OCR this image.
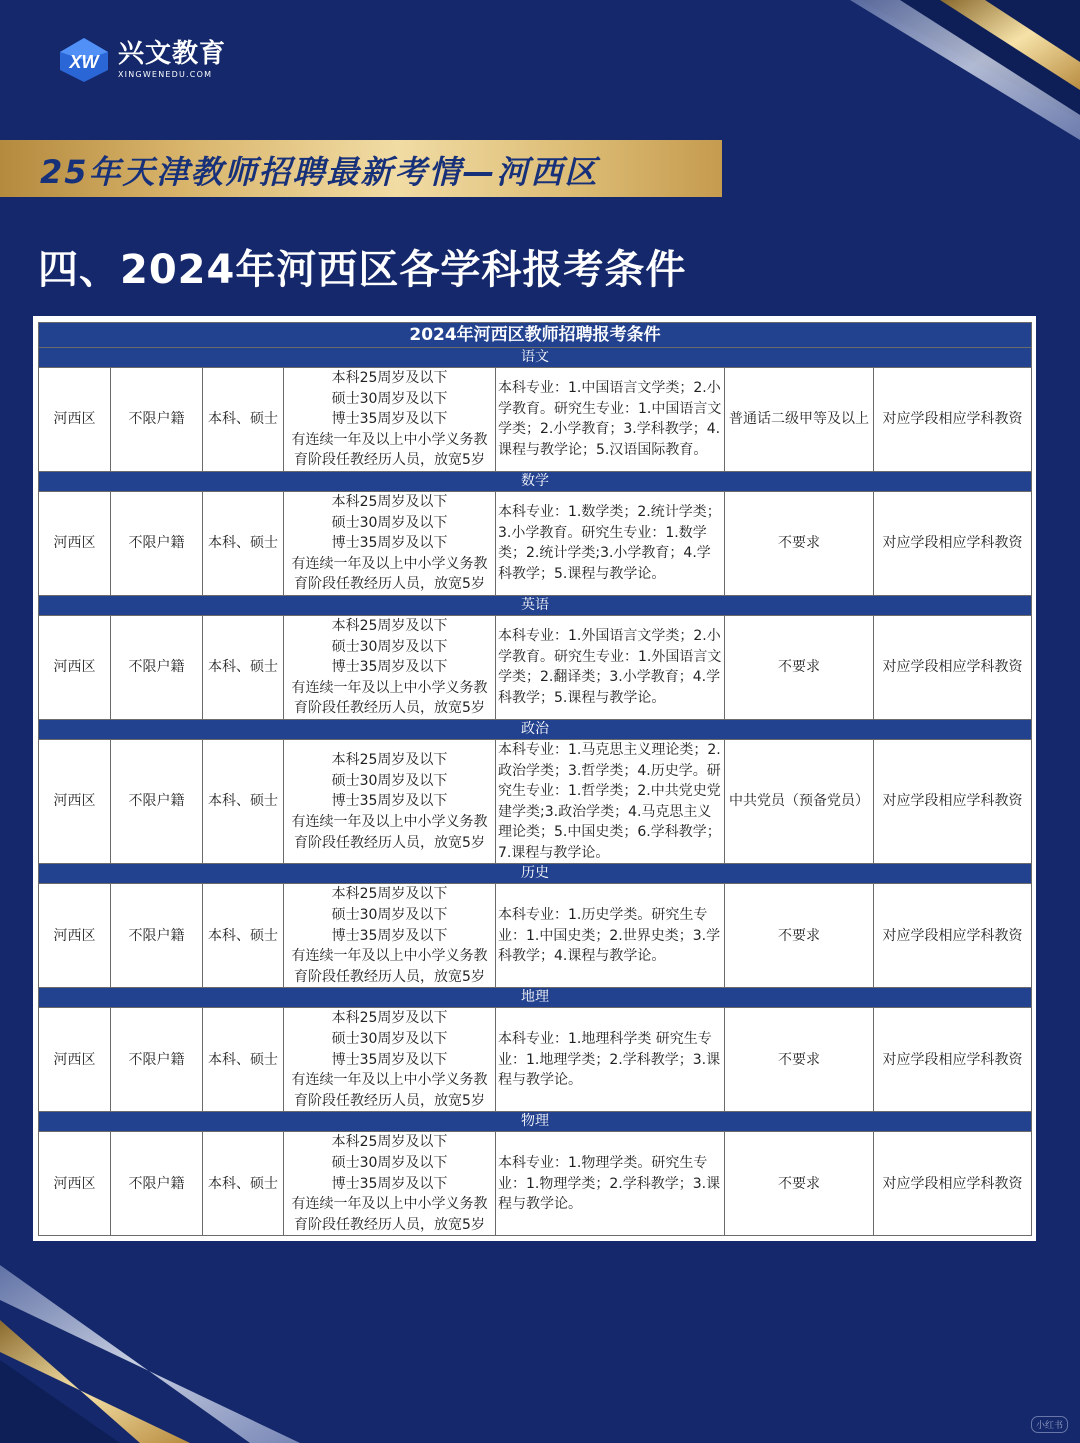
XW 兴文教育
XINGWENEDU.COM
25年天津教师招聘最新考情—河西区
四、2024年河西区各学科报考条件
2024年河西区教师招聘报考条件						
语文						
河西区	不限户籍	本科、硕士	本科25周岁及以下
硕士30周岁及以下
博士35周岁及以下
有连续一年及以上中小学义务教育阶段任教经历人员，放宽5岁	本科专业：1.中国语言文学类；2.小学教育。研究生专业：1.中国语言文学类；2.小学教育；3.学科教学；4.课程与教学论；5.汉语国际教育。	普通话二级甲等及以上	对应学段相应学科教资
数学						
河西区	不限户籍	本科、硕士	本科25周岁及以下
硕士30周岁及以下
博士35周岁及以下
有连续一年及以上中小学义务教育阶段任教经历人员，放宽5岁	本科专业：1.数学类；2.统计学类；3.小学教育。研究生专业：1.数学类；2.统计学类;3.小学教育；4.学科教学；5.课程与教学论。	不要求	对应学段相应学科教资
英语						
河西区	不限户籍	本科、硕士	本科25周岁及以下
硕士30周岁及以下
博士35周岁及以下
有连续一年及以上中小学义务教育阶段任教经历人员，放宽5岁	本科专业：1.外国语言文学类；2.小学教育。研究生专业：1.外国语言文学类；2.翻译类；3.小学教育；4.学科教学；5.课程与教学论。	不要求	对应学段相应学科教资
政治						
河西区	不限户籍	本科、硕士	本科25周岁及以下
硕士30周岁及以下
博士35周岁及以下
有连续一年及以上中小学义务教育阶段任教经历人员，放宽5岁	本科专业：1.马克思主义理论类；2.政治学类；3.哲学类；4.历史学。研究生专业：1.哲学类；2.中共党史党建学类;3.政治学类；4.马克思主义理论类；5.中国史类；6.学科教学；7.课程与教学论。	中共党员（预备党员）	对应学段相应学科教资
历史						
河西区	不限户籍	本科、硕士	本科25周岁及以下
硕士30周岁及以下
博士35周岁及以下
有连续一年及以上中小学义务教育阶段任教经历人员，放宽5岁	本科专业：1.历史学类。研究生专业：1.中国史类；2.世界史类；3.学科教学；4.课程与教学论。	不要求	对应学段相应学科教资
地理						
河西区	不限户籍	本科、硕士	本科25周岁及以下
硕士30周岁及以下
博士35周岁及以下
有连续一年及以上中小学义务教育阶段任教经历人员，放宽5岁	本科专业：1.地理科学类 研究生专业：1.地理学类；2.学科教学；3.课程与教学论。	不要求	对应学段相应学科教资
物理						
河西区	不限户籍	本科、硕士	本科25周岁及以下
硕士30周岁及以下
博士35周岁及以下
有连续一年及以上中小学义务教育阶段任教经历人员，放宽5岁	本科专业：1.物理学类。研究生专业：1.物理学类；2.学科教学；3.课程与教学论。	不要求	对应学段相应学科教资
小红书
